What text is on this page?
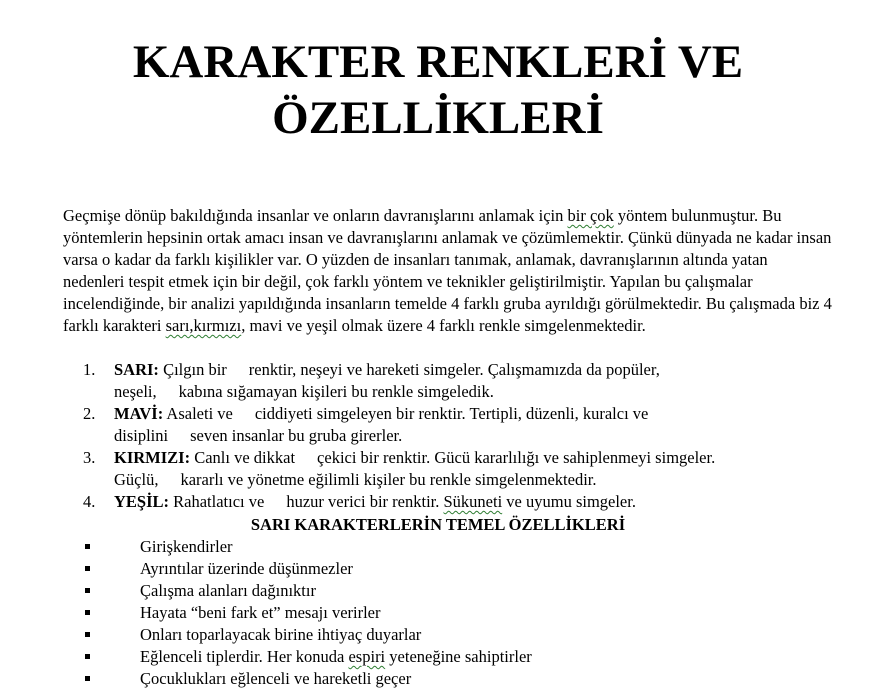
KARAKTER RENKLERİ VE
ÖZELLİKLERİ

Geçmişe dönüp bakıldığında insanlar ve onların davranışlarını anlamak için bir çok yöntem bulunmuştur. Bu yöntemlerin hepsinin ortak amacı insan ve davranışlarını anlamak ve çözümlemektir. Çünkü dünyada ne kadar insan varsa o kadar da farklı kişilikler var. O yüzden de insanları tanımak, anlamak, davranışlarının altında yatan nedenleri tespit etmek için bir değil, çok farklı yöntem ve teknikler geliştirilmiştir. Yapılan bu çalışmalar incelendiğinde, bir analizi yapıldığında insanların temelde 4 farklı gruba ayrıldığı görülmektedir. Bu çalışmada biz 4 farklı karakteri sarı,kırmızı, mavi ve yeşil olmak üzere 4 farklı renkle simgelenmektedir.

1. SARI: Çılgın bir renktir, neşeyi ve hareketi simgeler. Çalışmamızda da popüler,
neşeli, kabına sığamayan kişileri bu renkle simgeledik.
2. MAVİ: Asaleti ve ciddiyeti simgeleyen bir renktir. Tertipli, düzenli, kuralcı ve
disiplini seven insanlar bu gruba girerler.
3. KIRMIZI: Canlı ve dikkat çekici bir renktir. Gücü kararlılığı ve sahiplenmeyi simgeler.
Güçlü, kararlı ve yönetme eğilimli kişiler bu renkle simgelenmektedir.
4. YEŞİL: Rahatlatıcı ve huzur verici bir renktir. Sükuneti ve uyumu simgeler.
SARI KARAKTERLERİN TEMEL ÖZELLİKLERİ
Girişkendirler
Ayrıntılar üzerinde düşünmezler
Çalışma alanları dağınıktır
Hayata “beni fark et” mesajı verirler
Onları toparlayacak birine ihtiyaç duyarlar
Eğlenceli tiplerdir. Her konuda espiri yeteneğine sahiptirler
Çocuklukları eğlenceli ve hareketli geçer
